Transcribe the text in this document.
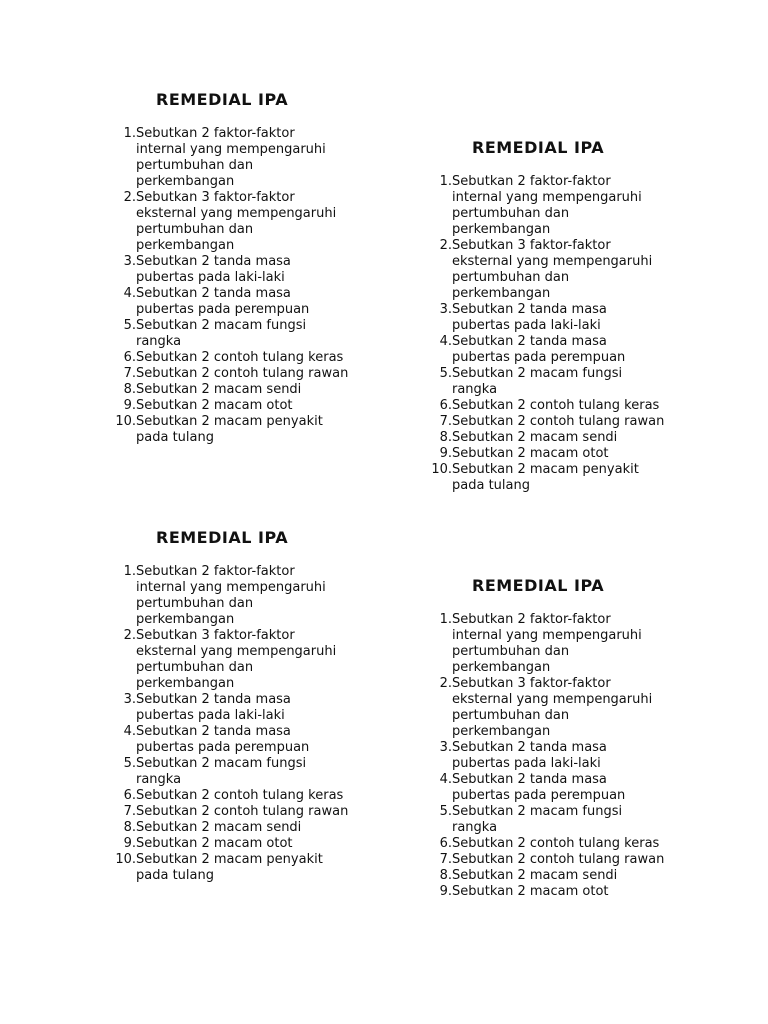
REMEDIAL IPA
1. Sebutkan 2 faktor-faktor
internal yang mempengaruhi
pertumbuhan dan
perkembangan
2. Sebutkan 3 faktor-faktor
eksternal yang mempengaruhi
pertumbuhan dan
perkembangan
3. Sebutkan 2 tanda masa
pubertas pada laki-laki
4. Sebutkan 2 tanda masa
pubertas pada perempuan
5. Sebutkan 2 macam fungsi
rangka
6. Sebutkan 2 contoh tulang keras
7. Sebutkan 2 contoh tulang rawan
8. Sebutkan 2 macam sendi
9. Sebutkan 2 macam otot
10. Sebutkan 2 macam penyakit
pada tulang
REMEDIAL IPA
1. Sebutkan 2 faktor-faktor
internal yang mempengaruhi
pertumbuhan dan
perkembangan
2. Sebutkan 3 faktor-faktor
eksternal yang mempengaruhi
pertumbuhan dan
perkembangan
3. Sebutkan 2 tanda masa
pubertas pada laki-laki
4. Sebutkan 2 tanda masa
pubertas pada perempuan
5. Sebutkan 2 macam fungsi
rangka
6. Sebutkan 2 contoh tulang keras
7. Sebutkan 2 contoh tulang rawan
8. Sebutkan 2 macam sendi
9. Sebutkan 2 macam otot
10. Sebutkan 2 macam penyakit
pada tulang
REMEDIAL IPA
1. Sebutkan 2 faktor-faktor
internal yang mempengaruhi
pertumbuhan dan
perkembangan
2. Sebutkan 3 faktor-faktor
eksternal yang mempengaruhi
pertumbuhan dan
perkembangan
3. Sebutkan 2 tanda masa
pubertas pada laki-laki
4. Sebutkan 2 tanda masa
pubertas pada perempuan
5. Sebutkan 2 macam fungsi
rangka
6. Sebutkan 2 contoh tulang keras
7. Sebutkan 2 contoh tulang rawan
8. Sebutkan 2 macam sendi
9. Sebutkan 2 macam otot
10. Sebutkan 2 macam penyakit
pada tulang
REMEDIAL IPA
1. Sebutkan 2 faktor-faktor
internal yang mempengaruhi
pertumbuhan dan
perkembangan
2. Sebutkan 3 faktor-faktor
eksternal yang mempengaruhi
pertumbuhan dan
perkembangan
3. Sebutkan 2 tanda masa
pubertas pada laki-laki
4. Sebutkan 2 tanda masa
pubertas pada perempuan
5. Sebutkan 2 macam fungsi
rangka
6. Sebutkan 2 contoh tulang keras
7. Sebutkan 2 contoh tulang rawan
8. Sebutkan 2 macam sendi
9. Sebutkan 2 macam otot
